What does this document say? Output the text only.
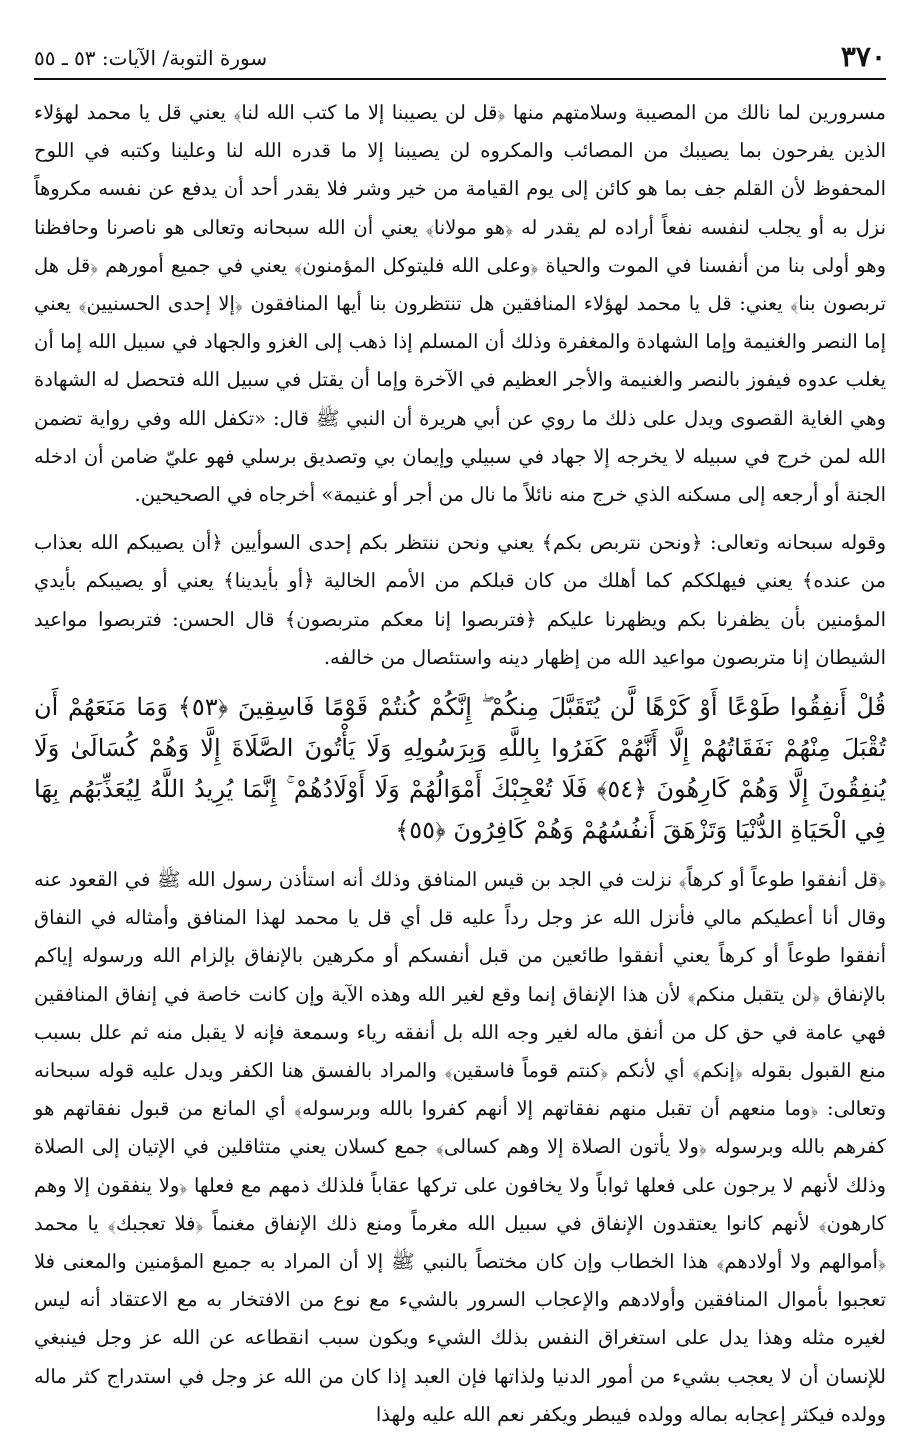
٣٧٠
سورة التوبة/ الآيات: ٥٣ ـ ٥٥

مسرورين لما نالك من المصيبة وسلامتهم منها ﴿قل لن يصيبنا إلا ما كتب الله لنا﴾ يعني قل يا محمد لهؤلاء الذين يفرحون بما يصيبك من المصائب والمكروه لن يصيبنا إلا ما قدره الله لنا وعلينا وكتبه في اللوح المحفوظ لأن القلم جف بما هو كائن إلى يوم القيامة من خير وشر فلا يقدر أحد أن يدفع عن نفسه مكروهاً نزل به أو يجلب لنفسه نفعاً أراده لم يقدر له ﴿هو مولانا﴾ يعني أن الله سبحانه وتعالى هو ناصرنا وحافظنا وهو أولى بنا من أنفسنا في الموت والحياة ﴿وعلى الله فليتوكل المؤمنون﴾ يعني في جميع أمورهم ﴿قل هل تربصون بنا﴾ يعني: قل يا محمد لهؤلاء المنافقين هل تنتظرون بنا أيها المنافقون ﴿إلا إحدى الحسنيين﴾ يعني إما النصر والغنيمة وإما الشهادة والمغفرة وذلك أن المسلم إذا ذهب إلى الغزو والجهاد في سبيل الله إما أن يغلب عدوه فيفوز بالنصر والغنيمة والأجر العظيم في الآخرة وإما أن يقتل في سبيل الله فتحصل له الشهادة وهي الغاية القصوى ويدل على ذلك ما روي عن أبي هريرة أن النبي ﷺ قال: «تكفل الله وفي رواية تضمن الله لمن خرج في سبيله لا يخرجه إلا جهاد في سبيلي وإيمان بي وتصديق برسلي فهو عليّ ضامن أن ادخله الجنة أو أرجعه إلى مسكنه الذي خرج منه نائلاً ما نال من أجر أو غنيمة» أخرجاه في الصحيحين.

وقوله سبحانه وتعالى: ﴿ونحن نتربص بكم﴾ يعني ونحن ننتظر بكم إحدى السوأيين ﴿أن يصيبكم الله بعذاب من عنده﴾ يعني فيهلككم كما أهلك من كان قبلكم من الأمم الخالية ﴿أو بأيدينا﴾ يعني أو يصيبكم بأيدي المؤمنين بأن يظفرنا بكم ويظهرنا عليكم ﴿فتربصوا إنا معكم متربصون﴾ قال الحسن: فتربصوا مواعيد الشيطان إنا متربصون مواعيد الله من إظهار دينه واستئصال من خالفه.

قُلْ أَنفِقُوا طَوْعًا أَوْ كَرْهًا لَّن يُتَقَبَّلَ مِنكُمْ ۖ إِنَّكُمْ كُنتُمْ قَوْمًا فَاسِقِينَ ﴿٥٣﴾ وَمَا مَنَعَهُمْ أَن تُقْبَلَ مِنْهُمْ نَفَقَاتُهُمْ إِلَّا أَنَّهُمْ كَفَرُوا بِاللَّهِ وَبِرَسُولِهِ وَلَا يَأْتُونَ الصَّلَاةَ إِلَّا وَهُمْ كُسَالَىٰ وَلَا يُنفِقُونَ إِلَّا وَهُمْ كَارِهُونَ ﴿٥٤﴾ فَلَا تُعْجِبْكَ أَمْوَالُهُمْ وَلَا أَوْلَادُهُمْ ۚ إِنَّمَا يُرِيدُ اللَّهُ لِيُعَذِّبَهُم بِهَا فِي الْحَيَاةِ الدُّنْيَا وَتَزْهَقَ أَنفُسُهُمْ وَهُمْ كَافِرُونَ ﴿٥٥﴾

﴿قل أنفقوا طوعاً أو كرهاً﴾ نزلت في الجد بن قيس المنافق وذلك أنه استأذن رسول الله ﷺ في القعود عنه وقال أنا أعطيكم مالي فأنزل الله عز وجل رداً عليه قل أي قل يا محمد لهذا المنافق وأمثاله في النفاق أنفقوا طوعاً أو كرهاً يعني أنفقوا طائعين من قبل أنفسكم أو مكرهين بالإنفاق بإلزام الله ورسوله إياكم بالإنفاق ﴿لن يتقبل منكم﴾ لأن هذا الإنفاق إنما وقع لغير الله وهذه الآية وإن كانت خاصة في إنفاق المنافقين فهي عامة في حق كل من أنفق ماله لغير وجه الله بل أنفقه رياء وسمعة فإنه لا يقبل منه ثم علل بسبب منع القبول بقوله ﴿إنكم﴾ أي لأنكم ﴿كنتم قوماً فاسقين﴾ والمراد بالفسق هنا الكفر ويدل عليه قوله سبحانه وتعالى: ﴿وما منعهم أن تقبل منهم نفقاتهم إلا أنهم كفروا بالله وبرسوله﴾ أي المانع من قبول نفقاتهم هو كفرهم بالله وبرسوله ﴿ولا يأتون الصلاة إلا وهم كسالى﴾ جمع كسلان يعني متثاقلين في الإتيان إلى الصلاة وذلك لأنهم لا يرجون على فعلها ثواباً ولا يخافون على تركها عقاباً فلذلك ذمهم مع فعلها ﴿ولا ينفقون إلا وهم كارهون﴾ لأنهم كانوا يعتقدون الإنفاق في سبيل الله مغرماً ومنع ذلك الإنفاق مغنماً ﴿فلا تعجبك﴾ يا محمد ﴿أموالهم ولا أولادهم﴾ هذا الخطاب وإن كان مختصاً بالنبي ﷺ إلا أن المراد به جميع المؤمنين والمعنى فلا تعجبوا بأموال المنافقين وأولادهم والإعجاب السرور بالشيء مع نوع من الافتخار به مع الاعتقاد أنه ليس لغيره مثله وهذا يدل على استغراق النفس بذلك الشيء ويكون سبب انقطاعه عن الله عز وجل فينبغي للإنسان أن لا يعجب بشيء من أمور الدنيا ولذاتها فإن العبد إذا كان من الله عز وجل في استدراج كثر ماله وولده فيكثر إعجابه بماله وولده فيبطر ويكفر نعم الله عليه ولهذا
